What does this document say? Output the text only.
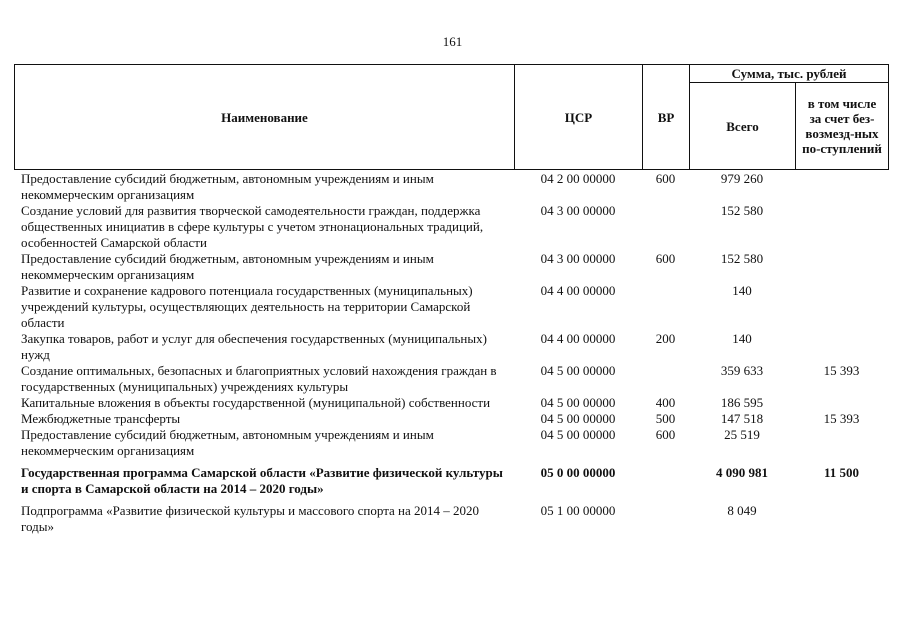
161
Наименование	ЦСР	ВР	Сумма, тыс. рублей	
			Всего	в том числе за счет без-возмезд-ных по-ступлений
Предоставление субсидий бюджетным, автономным учреждениям и иным некоммерческим организациям	04 2 00 00000	600	979 260	
Создание условий для развития творческой самодеятельности граждан, поддержка общественных инициатив в сфере культуры с учетом этнонациональных традиций, особенностей Самарской области	04 3 00 00000		152 580	
Предоставление субсидий бюджетным, автономным учреждениям и иным некоммерческим организациям	04 3 00 00000	600	152 580	
Развитие и сохранение кадрового потенциала государственных (муниципальных) учреждений культуры, осуществляющих деятельность на территории Самарской области	04 4 00 00000		140	
Закупка товаров, работ и услуг для обеспечения государственных (муниципальных) нужд	04 4 00 00000	200	140	
Создание оптимальных, безопасных и благоприятных условий нахождения граждан в государственных (муниципальных) учреждениях культуры	04 5 00 00000		359 633	15 393
Капитальные вложения в объекты государственной (муниципальной) собственности	04 5 00 00000	400	186 595	
Межбюджетные трансферты	04 5 00 00000	500	147 518	15 393
Предоставление субсидий бюджетным, автономным учреждениям и иным некоммерческим организациям	04 5 00 00000	600	25 519	
Государственная программа Самарской области «Развитие физической культуры и спорта в Самарской области на 2014 – 2020 годы»	05 0 00 00000		4 090 981	11 500
Подпрограмма «Развитие физической культуры и массового спорта на 2014 – 2020 годы»	05 1 00 00000		8 049	
